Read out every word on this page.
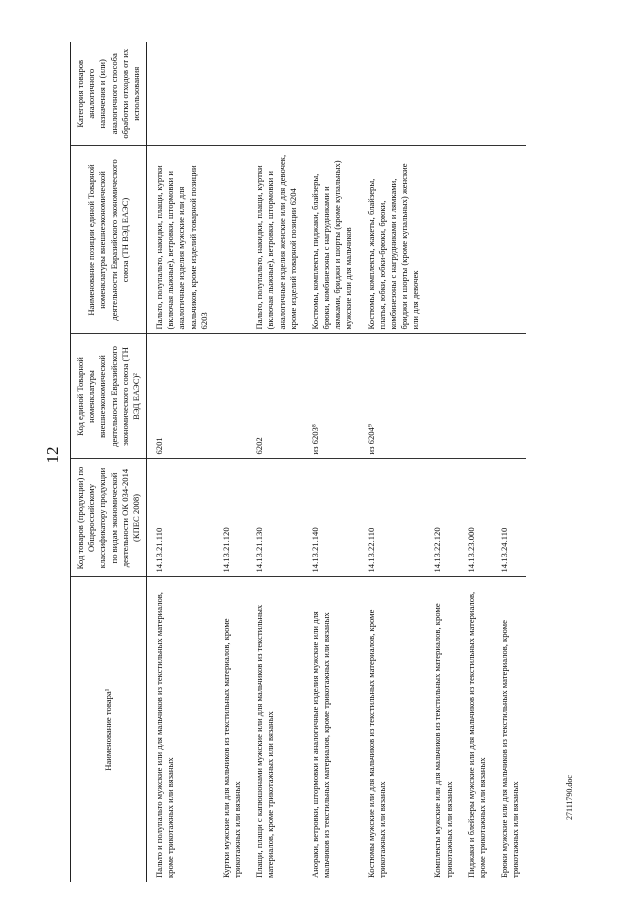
12
Наименование товара¹	Код товаров (продукции) по Общероссийскому классификатору продукции по видам экономической деятельности ОК 034-2014 (КПЕС 2008)	Код единой Товарной номенклатуры внешнеэкономической деятельности Евразийского экономического союза (ТН ВЭД ЕАЭС)²	Наименование позиции единой Товарной номенклатуры внешнеэкономической деятельности Евразийского экономического союза (ТН ВЭД ЕАЭС)	Категория товаров аналогичного назначения и (или) аналогичного способа обработки отходов от их использования
Пальто и полупальто мужские или для мальчиков из текстильных материалов, кроме трикотажных или вязаных	14.13.21.110	6201	Пальто, полупальто, накидки, плащи, куртки (включая лыжные), ветровки, штормовки и аналогичные изделия мужские или для мальчиков, кроме изделий товарной позиции 6203	
Куртки мужские или для мальчиков из текстильных материалов, кроме трикотажных или вязаных	14.13.21.120			
Плащи, плащи с капюшонами мужские или для мальчиков из текстильных материалов, кроме трикотажных или вязаных	14.13.21.130	6202	Пальто, полупальто, накидки, плащи, куртки (включая лыжные), ветровки, штормовки и аналогичные изделия женские или для девочек, кроме изделий товарной позиции 6204	
Анораки, ветровки, штормовки и аналогичные изделия мужские или для мальчиков из текстильных материалов, кроме трикотажных или вязаных	14.13.21.140	из 6203⁸	Костюмы, комплекты, пиджаки, блайзеры, брюки, комбинезоны с нагрудниками и лямками, бриджи и шорты (кроме купальных) мужские или для мальчиков	
Костюмы мужские или для мальчиков из текстильных материалов, кроме трикотажных или вязаных	14.13.22.110	из 6204⁹	Костюмы, комплекты, жакеты, блайзеры, платья, юбки, юбки-брюки, брюки, комбинезоны с нагрудниками и лямками, бриджи и шорты (кроме купальных) женские или для девочек	
Комплекты мужские или для мальчиков из текстильных материалов, кроме трикотажных или вязаных	14.13.22.120			
Пиджаки и блейзеры мужские или для мальчиков из текстильных материалов, кроме трикотажных или вязаных	14.13.23.000			
Брюки мужские или для мальчиков из текстильных материалов, кроме трикотажных или вязаных	14.13.24.110			
27111790.doc
